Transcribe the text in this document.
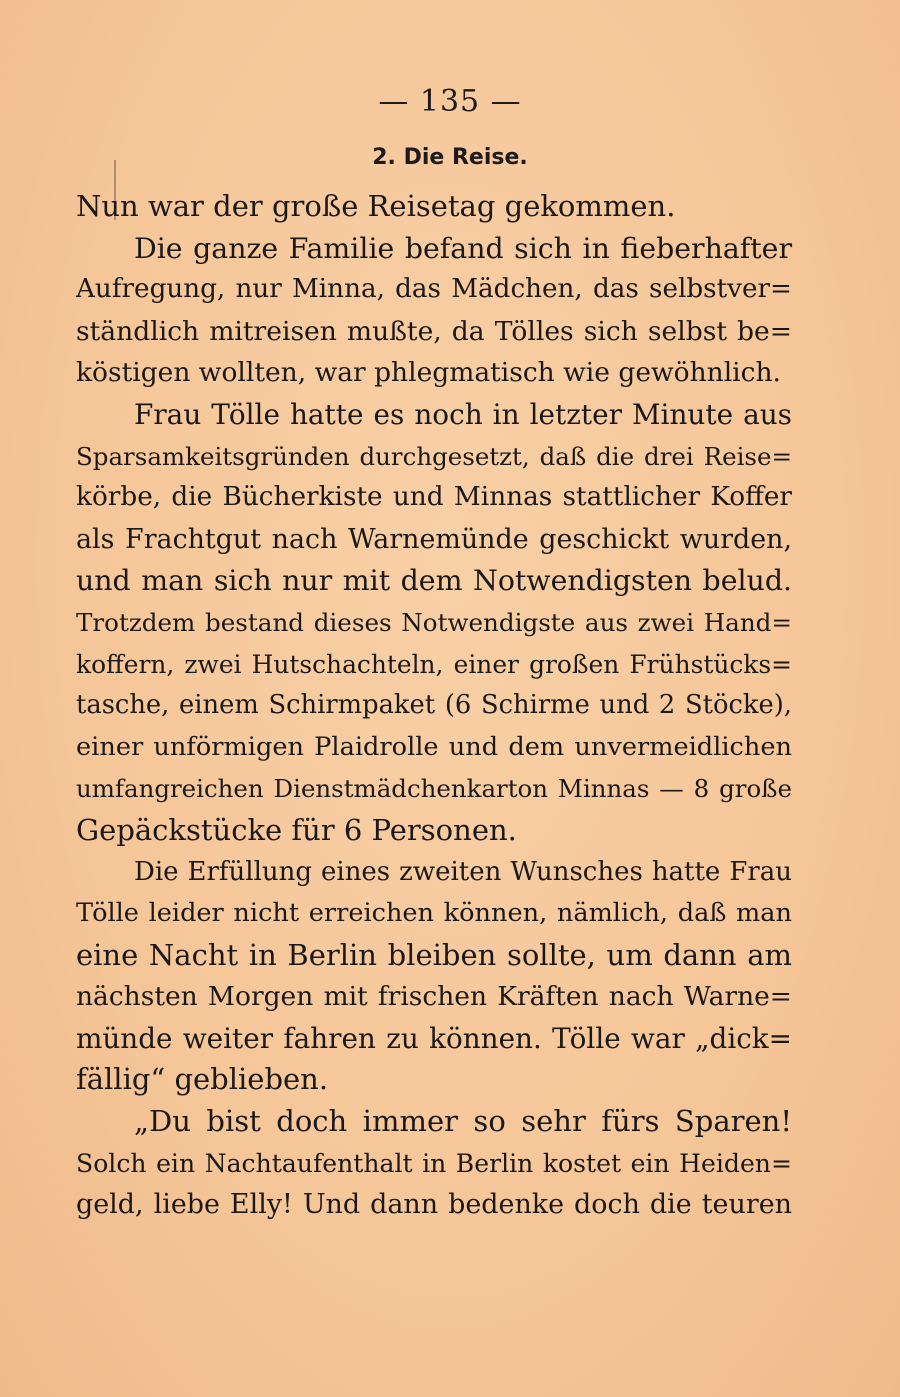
— 135 —
2. Die Reise.
Nun war der große Reisetag gekommen.
Die ganze Familie befand sich in fieberhafter
Aufregung, nur Minna, das Mädchen, das selbstver=
ständlich mitreisen mußte, da Tölles sich selbst be=
köstigen wollten, war phlegmatisch wie gewöhnlich.
Frau Tölle hatte es noch in letzter Minute aus
Sparsamkeitsgründen durchgesetzt, daß die drei Reise=
körbe, die Bücherkiste und Minnas stattlicher Koffer
als Frachtgut nach Warnemünde geschickt wurden,
und man sich nur mit dem Notwendigsten belud.
Trotzdem bestand dieses Notwendigste aus zwei Hand=
koffern, zwei Hutschachteln, einer großen Frühstücks=
tasche, einem Schirmpaket (6 Schirme und 2 Stöcke),
einer unförmigen Plaidrolle und dem unvermeidlichen
umfangreichen Dienstmädchenkarton Minnas — 8 große
Gepäckstücke für 6 Personen.
Die Erfüllung eines zweiten Wunsches hatte Frau
Tölle leider nicht erreichen können, nämlich, daß man
eine Nacht in Berlin bleiben sollte, um dann am
nächsten Morgen mit frischen Kräften nach Warne=
münde weiter fahren zu können. Tölle war „dick=
fällig“ geblieben.
„Du bist doch immer so sehr fürs Sparen!
Solch ein Nachtaufenthalt in Berlin kostet ein Heiden=
geld, liebe Elly! Und dann bedenke doch die teuren
